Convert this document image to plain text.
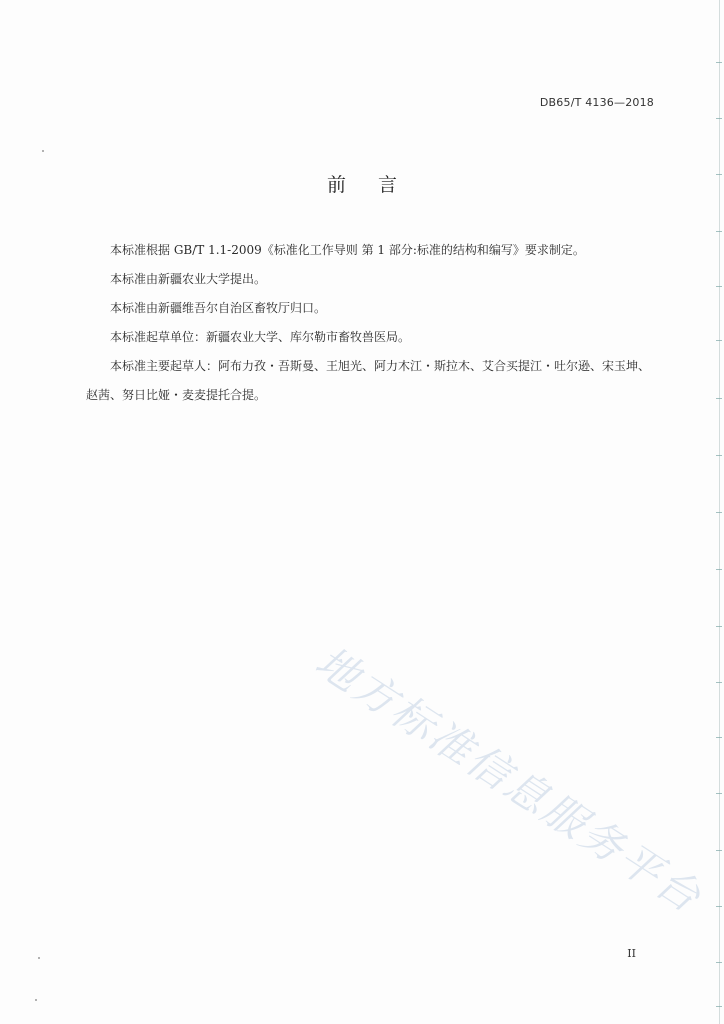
DB65/T 4136—2018
前 言

本标准根据 GB/T 1.1-2009《标准化工作导则 第 1 部分:标准的结构和编写》要求制定。

本标准由新疆农业大学提出。

本标准由新疆维吾尔自治区畜牧厅归口。

本标准起草单位：新疆农业大学、库尔勒市畜牧兽医局。

本标准主要起草人：阿布力孜・吾斯曼、王旭光、阿力木江・斯拉木、艾合买提江・吐尔逊、宋玉坤、赵茜、努日比娅・麦麦提托合提。

地方标准信息服务平台
II
